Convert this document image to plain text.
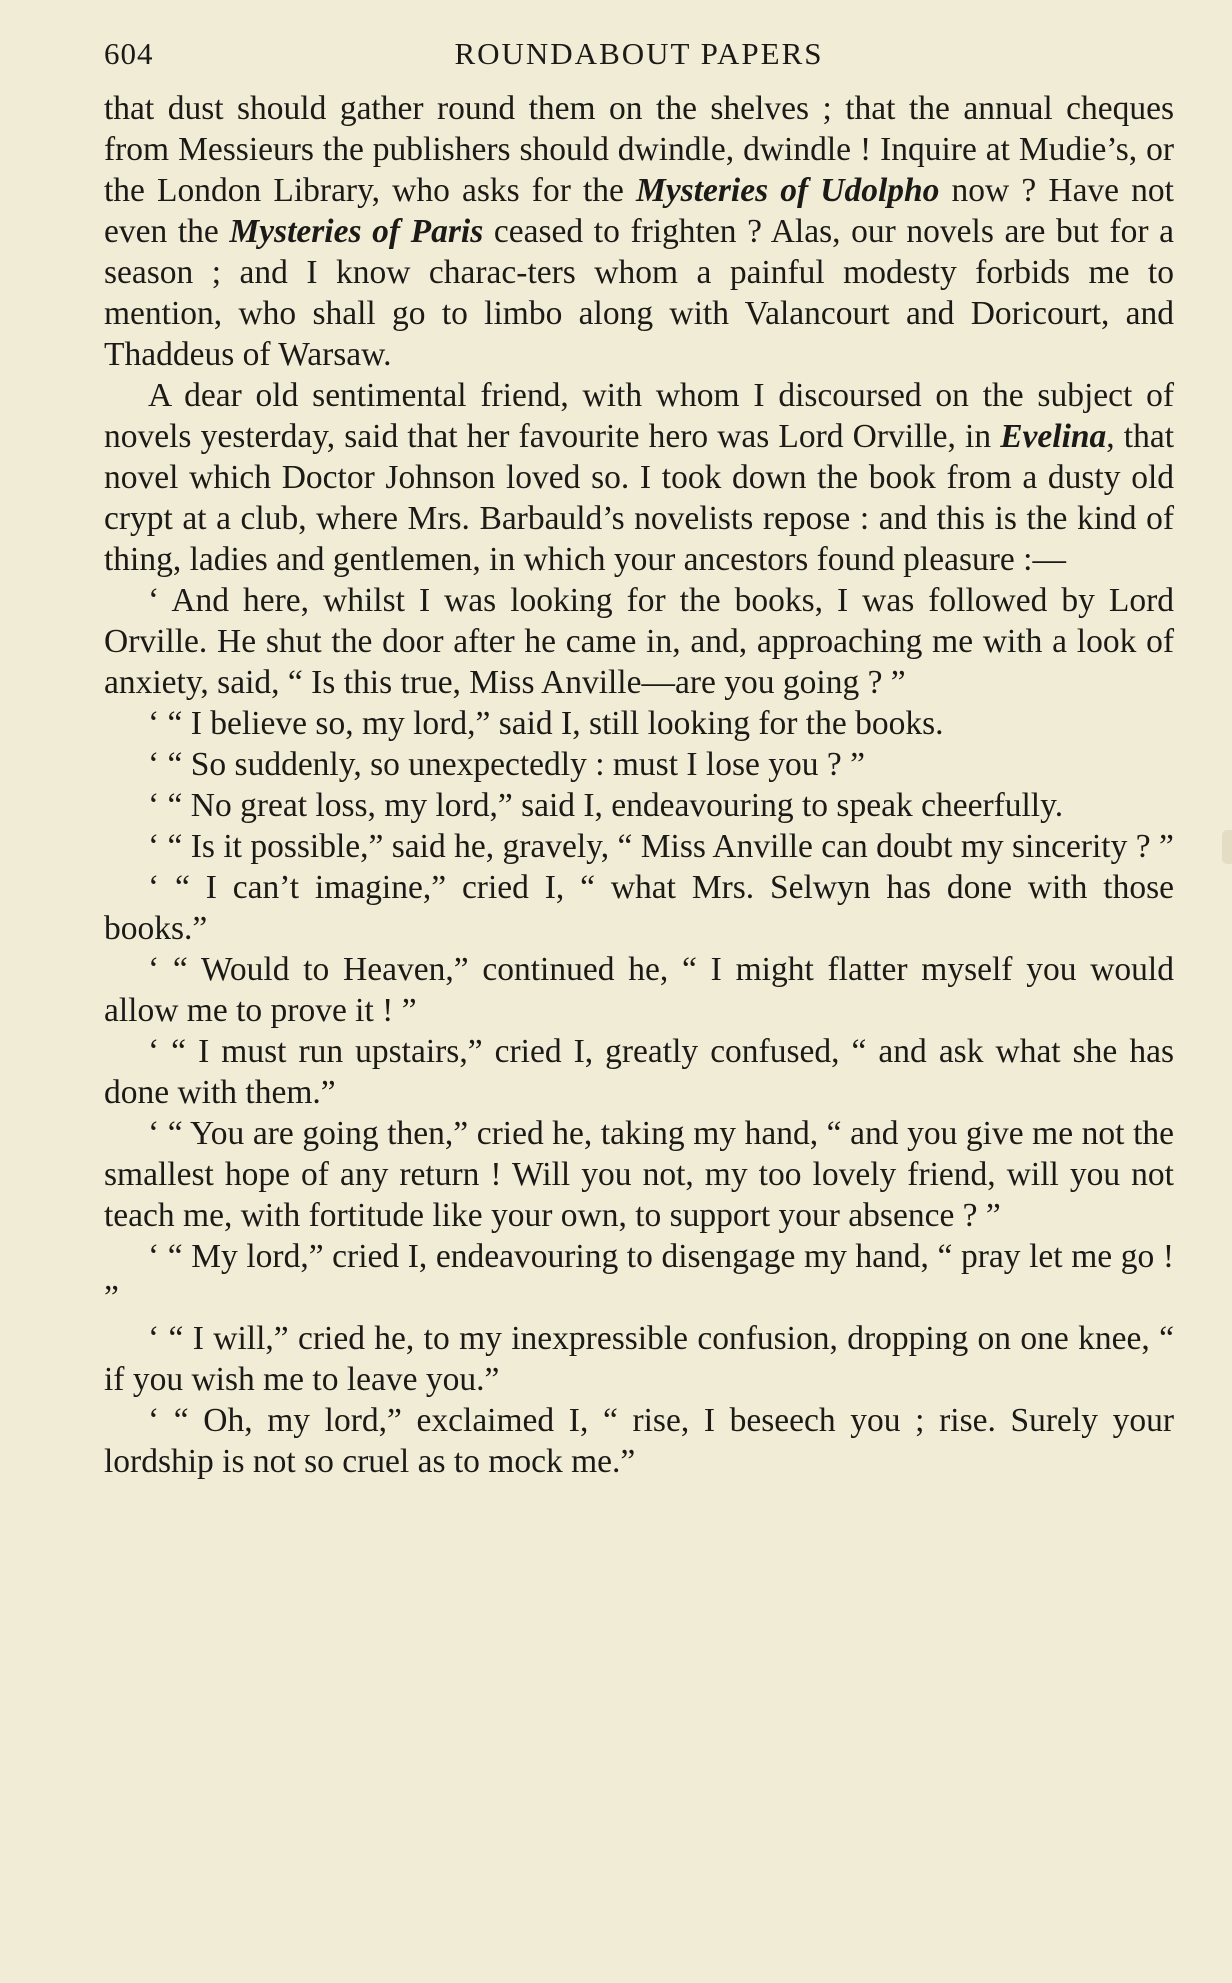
604	ROUNDABOUT PAPERS

that dust should gather round them on the shelves ; that the annual cheques from Messieurs the publishers should dwindle, dwindle ! Inquire at Mudie’s, or the London Library, who asks for the Mysteries of Udolpho now ? Have not even the Mysteries of Paris ceased to frighten ? Alas, our novels are but for a season ; and I know charac-ters whom a painful modesty forbids me to mention, who shall go to limbo along with Valancourt and Doricourt, and Thaddeus of Warsaw.

A dear old sentimental friend, with whom I discoursed on the subject of novels yesterday, said that her favourite hero was Lord Orville, in Evelina, that novel which Doctor Johnson loved so. I took down the book from a dusty old crypt at a club, where Mrs. Barbauld’s novelists repose : and this is the kind of thing, ladies and gentlemen, in which your ancestors found pleasure :—

‘ And here, whilst I was looking for the books, I was followed by Lord Orville. He shut the door after he came in, and, approaching me with a look of anxiety, said, “ Is this true, Miss Anville—are you going ? ”

‘ “ I believe so, my lord,” said I, still looking for the books.

‘ “ So suddenly, so unexpectedly : must I lose you ? ”

‘ “ No great loss, my lord,” said I, endeavouring to speak cheerfully.

‘ “ Is it possible,” said he, gravely, “ Miss Anville can doubt my sincerity ? ”

‘ “ I can’t imagine,” cried I, “ what Mrs. Selwyn has done with those books.”

‘ “ Would to Heaven,” continued he, “ I might flatter myself you would allow me to prove it ! ”

‘ “ I must run upstairs,” cried I, greatly confused, “ and ask what she has done with them.”

‘ “ You are going then,” cried he, taking my hand, “ and you give me not the smallest hope of any return ! Will you not, my too lovely friend, will you not teach me, with fortitude like your own, to support your absence ? ”

‘ “ My lord,” cried I, endeavouring to disengage my hand, “ pray let me go ! ”

‘ “ I will,” cried he, to my inexpressible confusion, dropping on one knee, “ if you wish me to leave you.”

‘ “ Oh, my lord,” exclaimed I, “ rise, I beseech you ; rise. Surely your lordship is not so cruel as to mock me.”
